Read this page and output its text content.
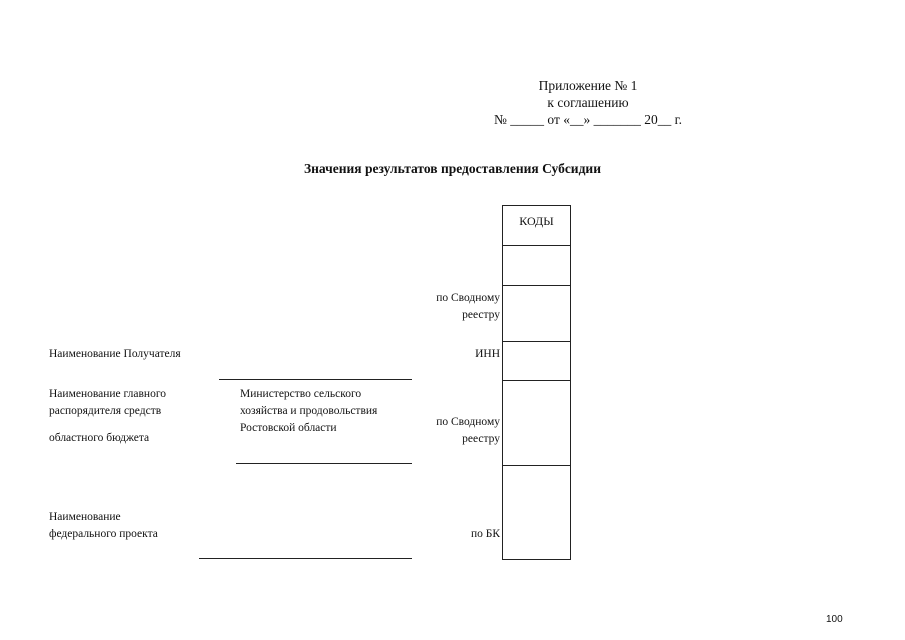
Приложение № 1
к соглашению
№ _____ от «__» _______ 20__ г.
Значения результатов предоставления Субсидии
КОДЫ
по Сводному
реестру
ИНН
по Сводному
реестру
по БК
Наименование Получателя
Наименование главного
распорядителя средств
областного бюджета
Министерство сельского
хозяйства и продовольствия
Ростовской области
Наименование
федерального проекта
100
